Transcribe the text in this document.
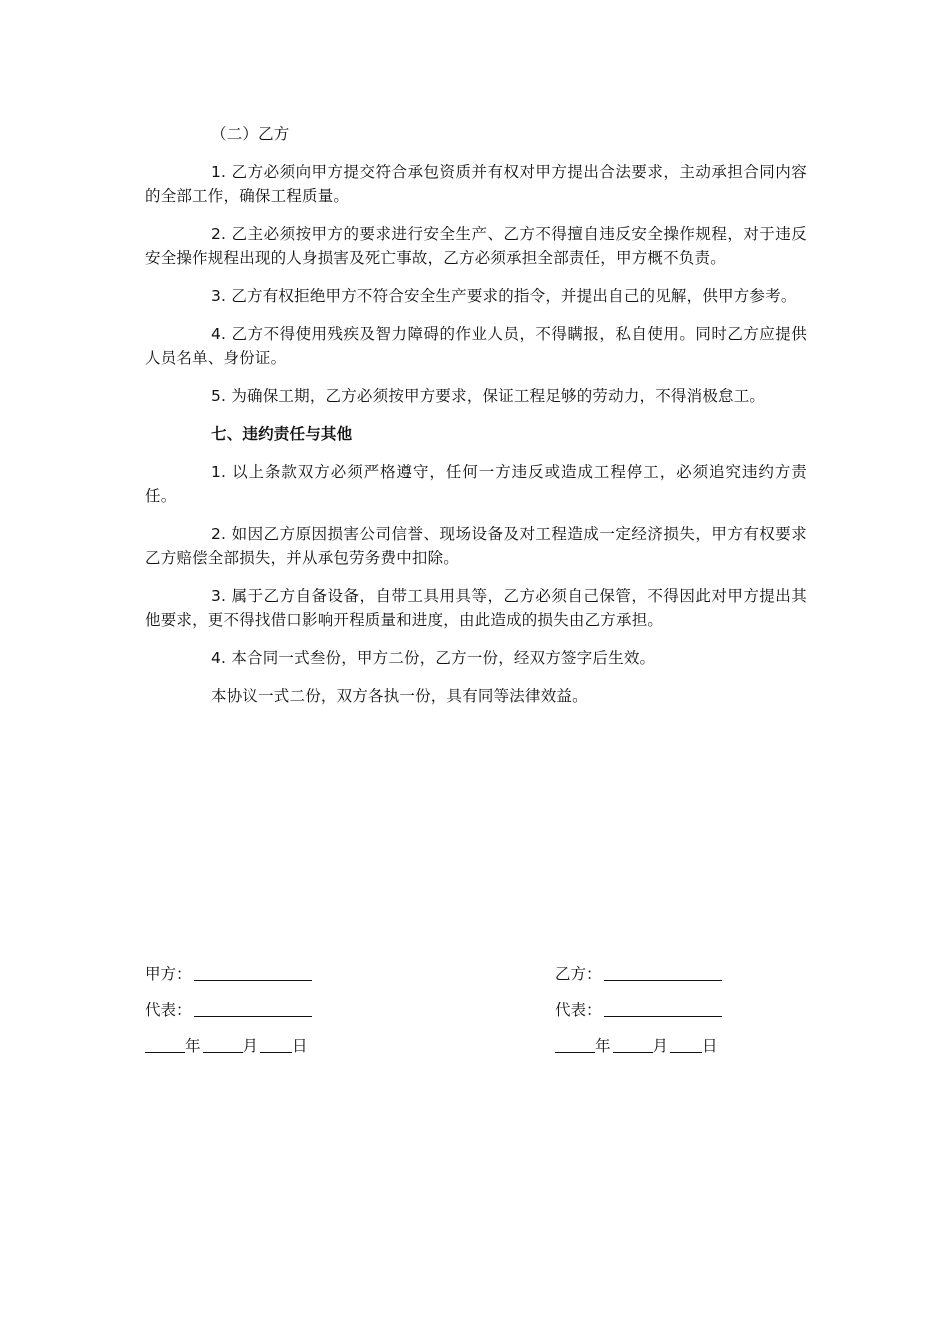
（二）乙方

1. 乙方必须向甲方提交符合承包资质并有权对甲方提出合法要求，主动承担合同内容的全部工作，确保工程质量。

2. 乙主必须按甲方的要求进行安全生产、乙方不得擅自违反安全操作规程，对于违反安全操作规程出现的人身损害及死亡事故，乙方必须承担全部责任，甲方概不负责。

3. 乙方有权拒绝甲方不符合安全生产要求的指令，并提出自己的见解，供甲方参考。

4. 乙方不得使用残疾及智力障碍的作业人员，不得瞒报，私自使用。同时乙方应提供人员名单、身份证。

5. 为确保工期，乙方必须按甲方要求，保证工程足够的劳动力，不得消极怠工。

七、违约责任与其他

1. 以上条款双方必须严格遵守，任何一方违反或造成工程停工，必须追究违约方责任。

2. 如因乙方原因损害公司信誉、现场设备及对工程造成一定经济损失，甲方有权要求乙方赔偿全部损失，并从承包劳务费中扣除。

3. 属于乙方自备设备，自带工具用具等，乙方必须自己保管，不得因此对甲方提出其他要求，更不得找借口影响开程质量和进度，由此造成的损失由乙方承担。

4. 本合同一式叁份，甲方二份，乙方一份，经双方签字后生效。

本协议一式二份，双方各执一份，具有同等法律效益。

甲方：
代表：
年	月 日
乙方：
代表：
年	月 日
